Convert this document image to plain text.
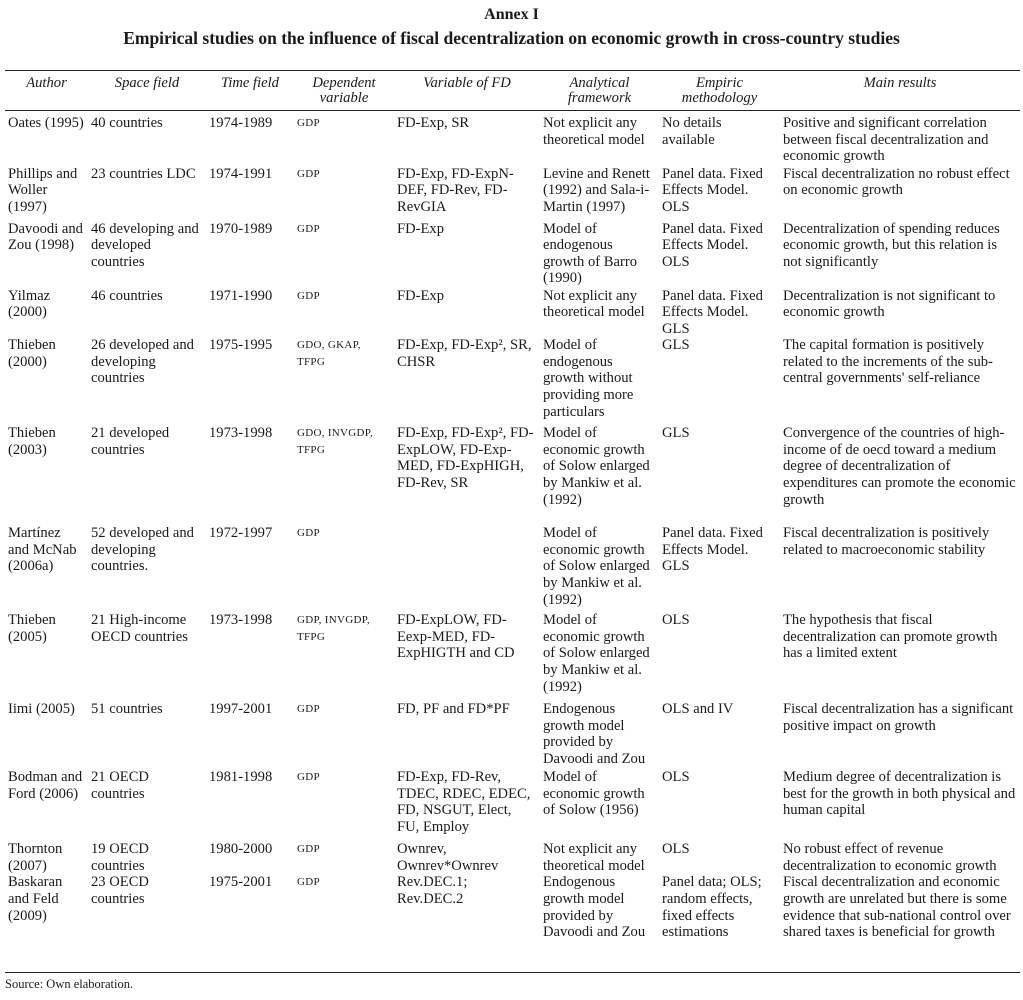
Annex I
Empirical studies on the influence of fiscal decentralization on economic growth in cross-country studies
Author	Space field	Time field	Dependent variable	Variable of FD	Analytical framework	Empiric methodology	Main results
Oates (1995)	40 countries	1974-1989	GDP	FD-Exp, SR	Not explicit any theoretical model	No details available	Positive and significant correlation between fiscal decentralization and economic growth
Phillips and Woller (1997)	23 countries LDC	1974-1991	GDP	FD-Exp, FD-ExpN-DEF, FD-Rev, FD-RevGIA	Levine and Renett (1992) and Sala-i-Martin (1997)	Panel data. Fixed Effects Model. OLS	Fiscal decentralization no robust effect on economic growth
Davoodi and Zou (1998)	46 developing and developed countries	1970-1989	GDP	FD-Exp	Model of endogenous growth of Barro (1990)	Panel data. Fixed Effects Model. OLS	Decentralization of spending reduces economic growth, but this relation is not significantly
Yilmaz (2000)	46 countries	1971-1990	GDP	FD-Exp	Not explicit any theoretical model	Panel data. Fixed Effects Model. GLS	Decentralization is not significant to economic growth
Thieben (2000)	26 developed and developing countries	1975-1995	GDO, GKAP, TFPG	FD-Exp, FD-Exp², SR, CHSR	Model of endogenous growth without providing more particulars	GLS	The capital formation is positively related to the increments of the sub-central governments' self-reliance
Thieben (2003)	21 developed countries	1973-1998	GDO, INVGDP, TFPG	FD-Exp, FD-Exp², FD-ExpLOW, FD-Exp-MED, FD-ExpHIGH, FD-Rev, SR	Model of economic growth of Solow enlarged by Mankiw et al. (1992)	GLS	Convergence of the countries of high-income of de oecd toward a medium degree of decentralization of expenditures can promote the economic growth
Martínez and McNab (2006a)	52 developed and developing countries.	1972-1997	GDP		Model of economic growth of Solow enlarged by Mankiw et al. (1992)	Panel data. Fixed Effects Model. GLS	Fiscal decentralization is positively related to macroeconomic stability
Thieben (2005)	21 High-income OECD countries	1973-1998	GDP, INVGDP, TFPG	FD-ExpLOW, FD-Eexp-MED, FD-ExpHIGTH and CD	Model of economic growth of Solow enlarged by Mankiw et al. (1992)	OLS	The hypothesis that fiscal decentralization can promote growth has a limited extent
Iimi (2005)	51 countries	1997-2001	GDP	FD, PF and FD*PF	Endogenous growth model provided by Davoodi and Zou	OLS and IV	Fiscal decentralization has a significant positive impact on growth
Bodman and Ford (2006)	21 OECD countries	1981-1998	GDP	FD-Exp, FD-Rev, TDEC, RDEC, EDEC, FD, NSGUT, Elect, FU, Employ	Model of economic growth of Solow (1956)	OLS	Medium degree of decentralization is best for the growth in both physical and human capital
Thornton (2007)	19 OECD countries	1980-2000	GDP	Ownrev, Ownrev*Ownrev	Not explicit any theoretical model	OLS	No robust effect of revenue decentralization to economic growth
Baskaran and Feld (2009)	23 OECD countries	1975-2001	GDP	Rev.DEC.1; Rev.DEC.2	Endogenous growth model provided by Davoodi and Zou	Panel data; OLS; random effects, fixed effects estimations	Fiscal decentralization and economic growth are unrelated but there is some evidence that sub-national control over shared taxes is beneficial for growth
Source: Own elaboration.
